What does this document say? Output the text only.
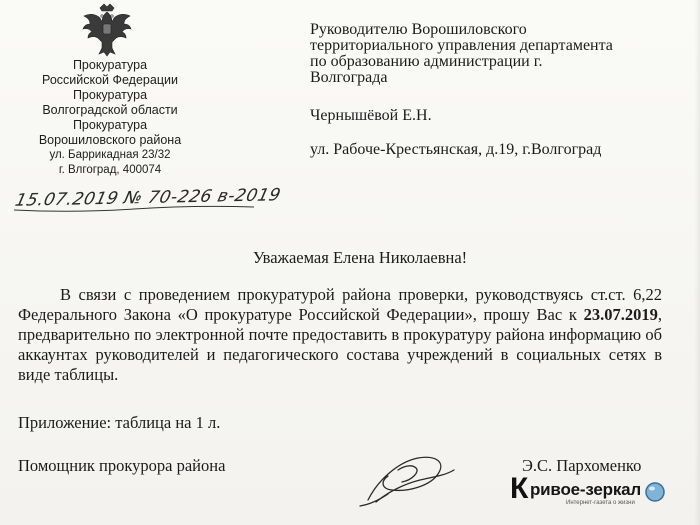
Прокуратура
Российской Федерации
Прокуратура
Волгоградской области
Прокуратура
Ворошиловского района
ул. Баррикадная 23/32
г. Влгоград, 400074
15.07.2019 № 70-226 в-2019
Руководителю Ворошиловского
территориального управления департамента
по образованию администрации г.
Волгограда
Чернышёвой Е.Н.
ул. Рабоче-Крестьянская, д.19, г.Волгоград
Уважаемая Елена Николаевна!
В связи с проведением прокуратурой района проверки, руководствуясь ст.ст. 6,22 Федерального Закона «О прокуратуре Российской Федерации», прошу Вас к 23.07.2019, предварительно по электронной почте предоставить в прокуратуру района информацию об аккаунтах руководителей и педагогического состава учреждений в социальных сетях в виде таблицы.
Приложение: таблица на 1 л.
Помощник прокурора района	Э.С. Пархоменко
К ривое-зеркал
Интернет-газета о жизни
